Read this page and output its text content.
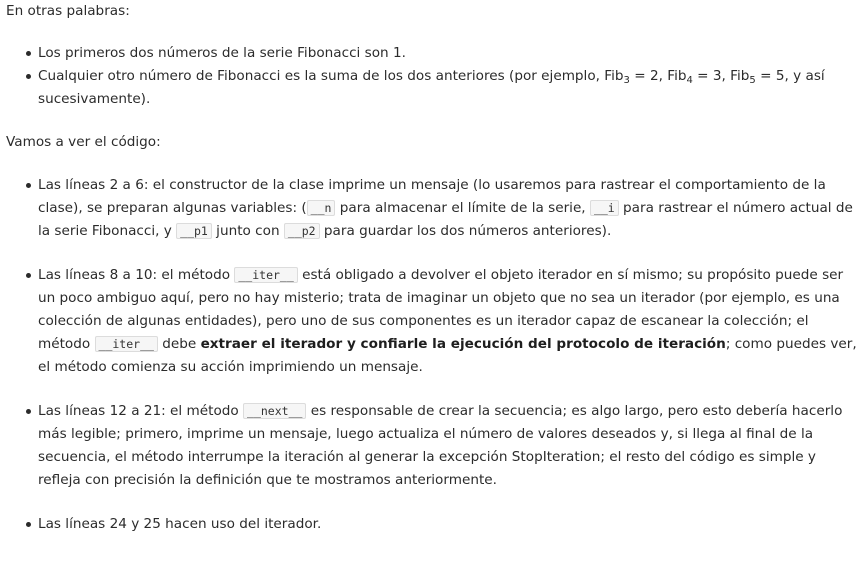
En otras palabras:

Los primeros dos números de la serie Fibonacci son 1.
Cualquier otro número de Fibonacci es la suma de los dos anteriores (por ejemplo, Fib$_3$ = 2, Fib$_4$ = 3, Fib$_5$ = 5, y así sucesivamente).

Vamos a ver el código:

Las líneas 2 a 6: el constructor de la clase imprime un mensaje (lo usaremos para rastrear el comportamiento de la clase), se preparan algunas variables: ( __n para almacenar el límite de la serie, __i para rastrear el número actual de la serie Fibonacci, y __p1 junto con __p2 para guardar los dos números anteriores).
Las líneas 8 a 10: el método __iter__ está obligado a devolver el objeto iterador en sí mismo; su propósito puede ser un poco ambiguo aquí, pero no hay misterio; trata de imaginar un objeto que no sea un iterador (por ejemplo, es una colección de algunas entidades), pero uno de sus componentes es un iterador capaz de escanear la colección; el método __iter__ debe extraer el iterador y confiarle la ejecución del protocolo de iteración; como puedes ver, el método comienza su acción imprimiendo un mensaje.
Las líneas 12 a 21: el método __next__ es responsable de crear la secuencia; es algo largo, pero esto debería hacerlo más legible; primero, imprime un mensaje, luego actualiza el número de valores deseados y, si llega al final de la secuencia, el método interrumpe la iteración al generar la excepción StopIteration; el resto del código es simple y refleja con precisión la definición que te mostramos anteriormente.
Las líneas 24 y 25 hacen uso del iterador.
